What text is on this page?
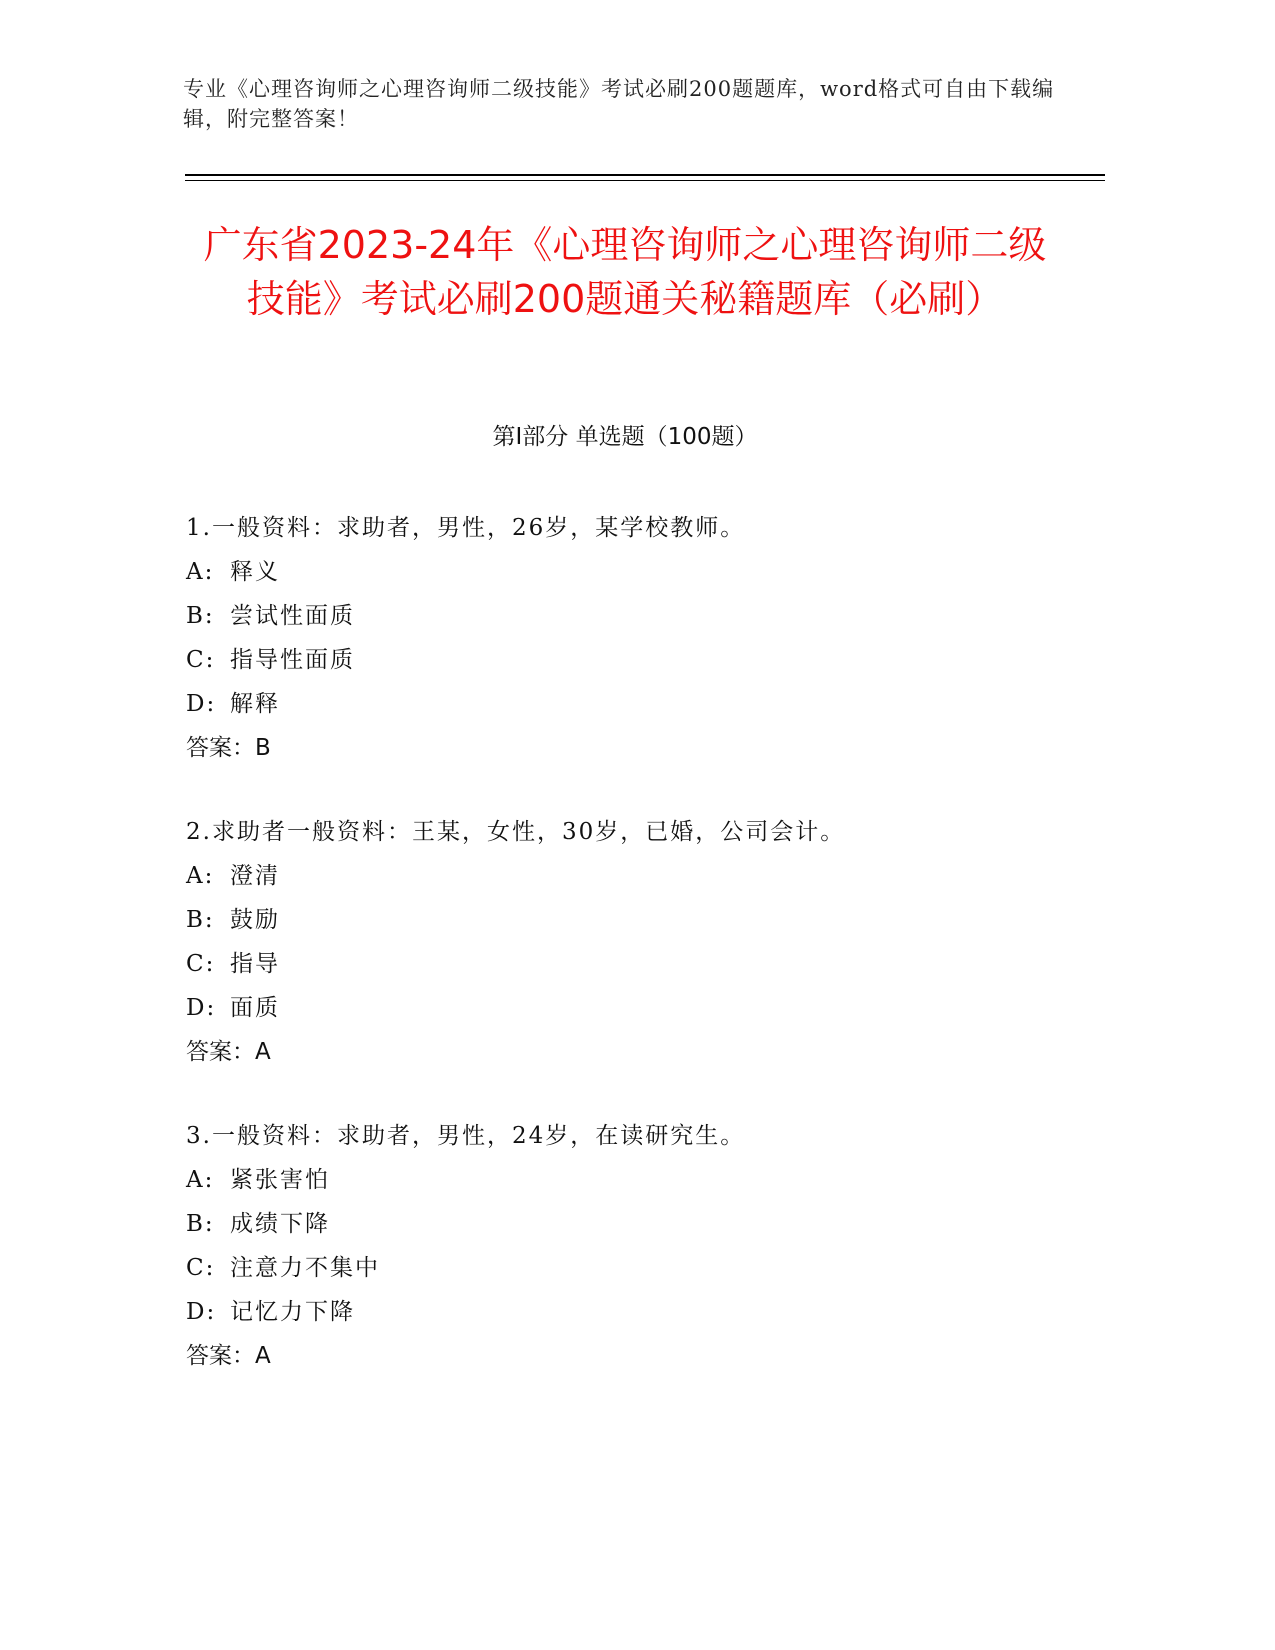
专业《心理咨询师之心理咨询师二级技能》考试必刷200题题库，word格式可自由下载编辑，附完整答案！
广东省2023-24年《心理咨询师之心理咨询师二级技能》考试必刷200题通关秘籍题库（必刷）
第I部分 单选题（100题）
1.一般资料：求助者，男性，26岁，某学校教师。
A: 释义
B: 尝试性面质
C: 指导性面质
D: 解释
答案：B
2.求助者一般资料：王某，女性，30岁，已婚，公司会计。
A: 澄清
B: 鼓励
C: 指导
D: 面质
答案：A
3.一般资料：求助者，男性，24岁，在读研究生。
A: 紧张害怕
B: 成绩下降
C: 注意力不集中
D: 记忆力下降
答案：A
